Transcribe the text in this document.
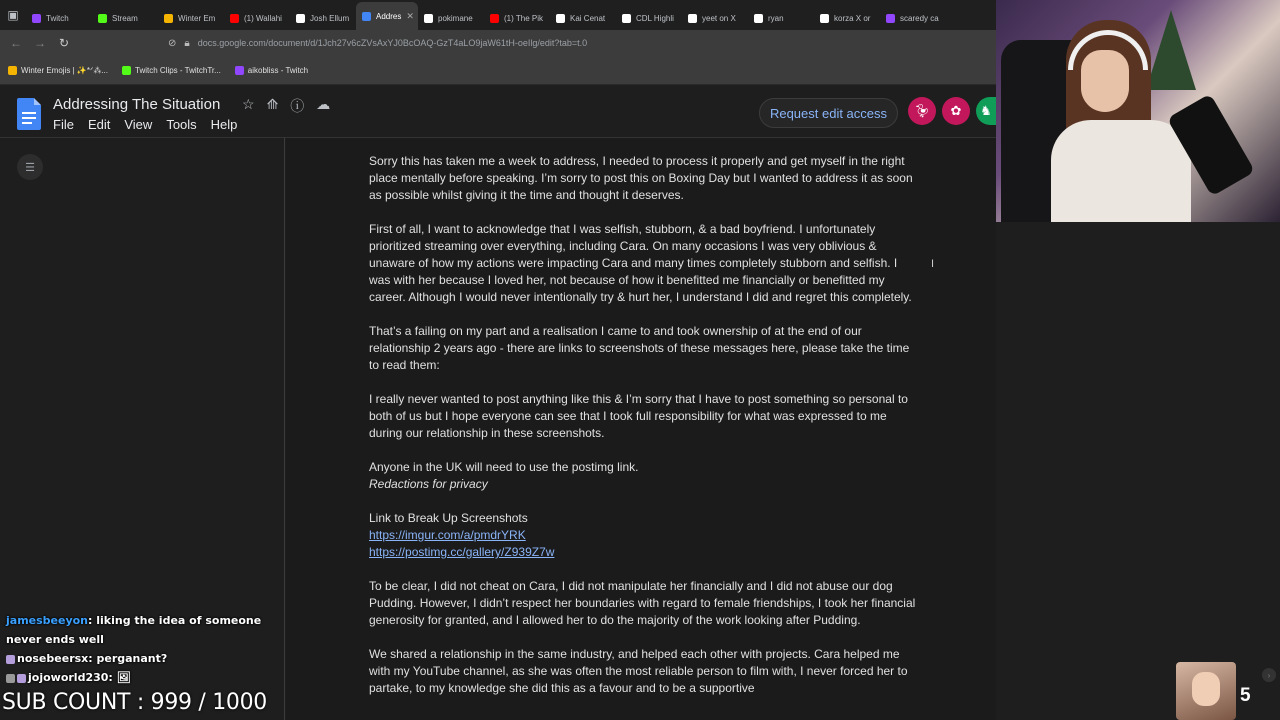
▣	Twitch	Stream	Winter Em	(1) Wallahi	Josh Ellum	Addres ✕	pokimane	(1) The Pik	Kai Cenat	CDL Highli	yeet on X	ryan	korza X or	scaredy ca
←	→	↻	⊘ 🔒︎ docs.google.com/document/d/1Jch27v6cZVsAxYJ0BcOAQ-GzT4aLO9jaW61tH-oeIlg/edit?tab=t.0
Winter Emojis | ✨*ᐟ⁂...	Twitch Clips - TwitchTr...	aikobliss - Twitch
Addressing The Situation ☆ ⟰ ⓘ ☁
File Edit View Tools Help
Request edit access	🦆︎	✿	♞
☰	Sorry this has taken me a week to address, I needed to process it properly and get myself in the right place mentally before speaking. I’m sorry to post this on Boxing Day but I wanted to address it as soon as possible whilst giving it the time and thought it deserves.

First of all, I want to acknowledge that I was selfish, stubborn, & a bad boyfriend. I unfortunately prioritized streaming over everything, including Cara. On many occasions I was very oblivious & unaware of how my actions were impacting Cara and many times completely stubborn and selfish. I was with her because I loved her, not because of how it benefitted me financially or benefitted my career. Although I would never intentionally try & hurt her, I understand I did and regret this completely.

That’s a failing on my part and a realisation I came to and took ownership of at the end of our relationship 2 years ago - there are links to screenshots of these messages here, please take the time to read them:

I really never wanted to post anything like this & I’m sorry that I have to post something so personal to both of us but I hope everyone can see that I took full responsibility for what was expressed to me during our relationship in these screenshots.

Anyone in the UK will need to use the postimg link.
Redactions for privacy

Link to Break Up Screenshots
https://imgur.com/a/pmdrYRK
https://postimg.cc/gallery/Z939Z7w

To be clear, I did not cheat on Cara, I did not manipulate her financially and I did not abuse our dog Pudding. However, I didn’t respect her boundaries with regard to female friendships, I took her financial generosity for granted, and I allowed her to do the majority of the work looking after Pudding.

We shared a relationship in the same industry, and helped each other with projects. Cara helped me with my YouTube channel, as she was often the most reliable person to film with, I never forced her to partake, to my knowledge she did this as a favour and to be a supportive

I
›
5
jamesbeeyon: liking the idea of someone never ends well
nosebeersx: perganant?
jojoworld230: 🖼
SUB COUNT : 999 / 1000
